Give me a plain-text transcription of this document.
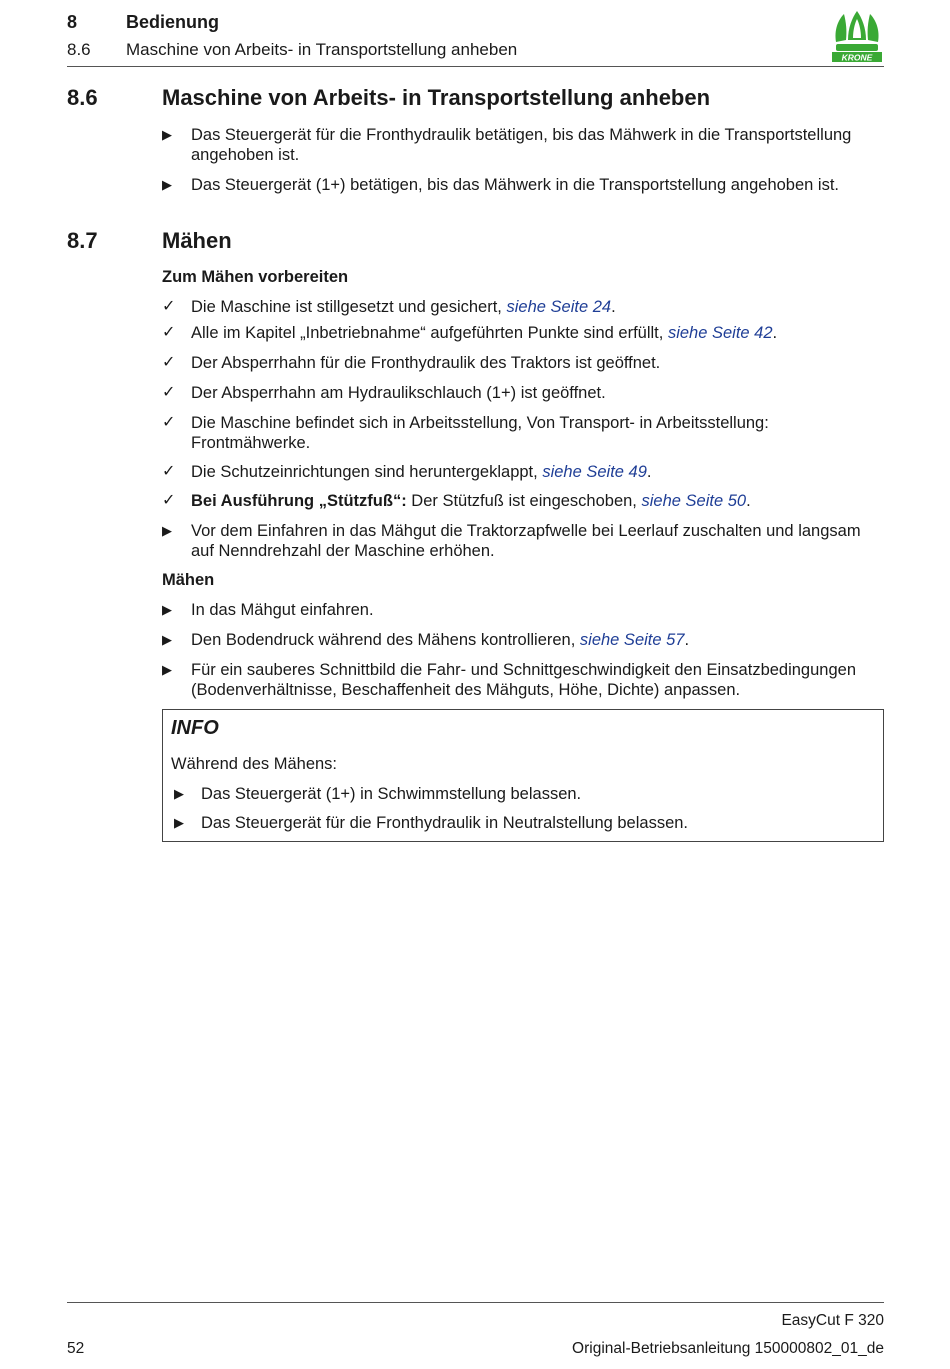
8	Bedienung
8.6 Maschine von Arbeits- in Transportstellung anheben	KRONE
8.6	Maschine von Arbeits- in Transportstellung anheben
▶	Das Steuergerät für die Fronthydraulik betätigen, bis das Mähwerk in die Transportstellung angehoben ist.
▶	Das Steuergerät (1+) betätigen, bis das Mähwerk in die Transportstellung angehoben ist.
8.7	Mähen
Zum Mähen vorbereiten
✓ Die Maschine ist stillgesetzt und gesichert, siehe Seite 24.
✓ Alle im Kapitel „Inbetriebnahme“ aufgeführten Punkte sind erfüllt, siehe Seite 42.
✓ Der Absperrhahn für die Fronthydraulik des Traktors ist geöffnet.
✓ Der Absperrhahn am Hydraulikschlauch (1+) ist geöffnet.
✓ Die Maschine befindet sich in Arbeitsstellung, Von Transport- in Arbeitsstellung: Frontmähwerke.
✓ Die Schutzeinrichtungen sind heruntergeklappt, siehe Seite 49.
✓ Bei Ausführung „Stützfuß“: Der Stützfuß ist eingeschoben, siehe Seite 50.
▶	Vor dem Einfahren in das Mähgut die Traktorzapfwelle bei Leerlauf zuschalten und langsam auf Nenndrehzahl der Maschine erhöhen.
Mähen
▶	In das Mähgut einfahren.
▶	Den Bodendruck während des Mähens kontrollieren, siehe Seite 57.
▶	Für ein sauberes Schnittbild die Fahr- und Schnittgeschwindigkeit den Einsatzbedingungen (Bodenverhältnisse, Beschaffenheit des Mähguts, Höhe, Dichte) anpassen.
INFO
Während des Mähens:
▶ Das Steuergerät (1+) in Schwimmstellung belassen.
▶ Das Steuergerät für die Fronthydraulik in Neutralstellung belassen.
EasyCut F 320
52	Original-Betriebsanleitung 150000802_01_de
